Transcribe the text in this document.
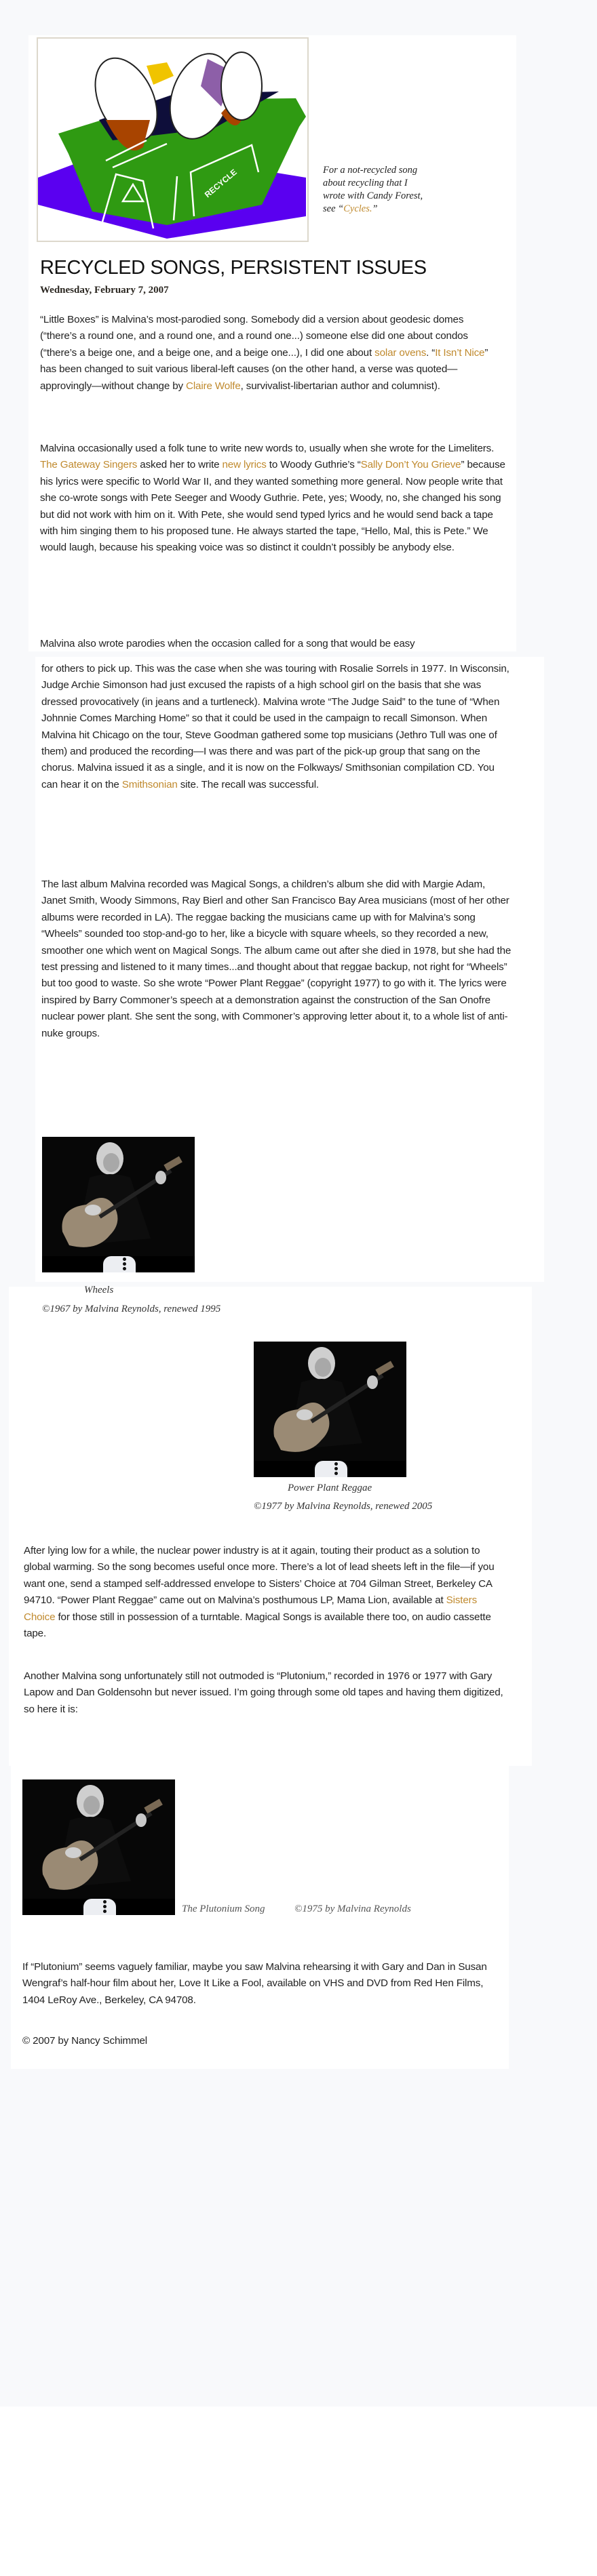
RECYCLE	For a not-recycled song
about recycling that I
wrote with Candy Forest,
see “Cycles.”
RECYCLED SONGS, PERSISTENT ISSUES
Wednesday, February 7, 2007

“Little Boxes” is Malvina’s most-parodied song. Somebody did a version about geodesic domes (“there’s a round one, and a round one, and a round one...) someone else did one about condos (“there’s a beige one, and a beige one, and a beige one...), I did one about solar ovens. “It Isn’t Nice” has been changed to suit various liberal-left causes (on the other hand, a verse was quoted—approvingly—without change by Claire Wolfe, survivalist-libertarian author and columnist).

Malvina occasionally used a folk tune to write new words to, usually when she wrote for the Limeliters. The Gateway Singers asked her to write new lyrics to Woody Guthrie’s “Sally Don’t You Grieve” because his lyrics were specific to World War II, and they wanted something more general. Now people write that she co-wrote songs with Pete Seeger and Woody Guthrie. Pete, yes; Woody, no, she changed his song but did not work with him on it. With Pete, she would send typed lyrics and he would send back a tape with him singing them to his proposed tune. He always started the tape, “Hello, Mal, this is Pete.” We would laugh, because his speaking voice was so distinct it couldn’t possibly be anybody else.

Malvina also wrote parodies when the occasion called for a song that would be easy

for others to pick up. This was the case when she was touring with Rosalie Sorrels in 1977. In Wisconsin, Judge Archie Simonson had just excused the rapists of a high school girl on the basis that she was dressed provocatively (in jeans and a turtleneck). Malvina wrote “The Judge Said” to the tune of “When Johnnie Comes Marching Home” so that it could be used in the campaign to recall Simonson. When Malvina hit Chicago on the tour, Steve Goodman gathered some top musicians (Jethro Tull was one of them) and produced the recording—I was there and was part of the pick-up group that sang on the chorus. Malvina issued it as a single, and it is now on the Folkways/ Smithsonian compilation CD. You can hear it on the Smithsonian site. The recall was successful.

The last album Malvina recorded was Magical Songs, a children’s album she did with Margie Adam, Janet Smith, Woody Simmons, Ray Bierl and other San Francisco Bay Area musicians (most of her other albums were recorded in LA). The reggae backing the musicians came up with for Malvina’s song “Wheels” sounded too stop-and-go to her, like a bicycle with square wheels, so they recorded a new, smoother one which went on Magical Songs. The album came out after she died in 1978, but she had the test pressing and listened to it many times...and thought about that reggae backup, not right for “Wheels” but too good to waste. So she wrote “Power Plant Reggae” (copyright 1977) to go with it. The lyrics were inspired by Barry Commoner’s speech at a demonstration against the construction of the San Onofre nuclear power plant. She sent the song, with Commoner’s approving letter about it, to a whole list of anti-nuke groups.

Wheels

©1967 by Malvina Reynolds, renewed 1995

Power Plant Reggae

©1977 by Malvina Reynolds, renewed 2005

After lying low for a while, the nuclear power industry is at it again, touting their product as a solution to global warming. So the song becomes useful once more. There’s a lot of lead sheets left in the file—if you want one, send a stamped self-addressed envelope to Sisters’ Choice at 704 Gilman Street, Berkeley CA 94710. “Power Plant Reggae” came out on Malvina’s posthumous LP, Mama Lion, available at Sisters Choice for those still in possession of a turntable. Magical Songs is available there too, on audio cassette tape.

Another Malvina song unfortunately still not outmoded is “Plutonium,” recorded in 1976 or 1977 with Gary Lapow and Dan Goldensohn but never issued. I’m going through some old tapes and having them digitized, so here it is:

The Plutonium Song	©1975 by Malvina Reynolds

If “Plutonium” seems vaguely familiar, maybe you saw Malvina rehearsing it with Gary and Dan in Susan Wengraf’s half-hour film about her, Love It Like a Fool, available on VHS and DVD from Red Hen Films, 1404 LeRoy Ave., Berkeley, CA 94708.

© 2007 by Nancy Schimmel
